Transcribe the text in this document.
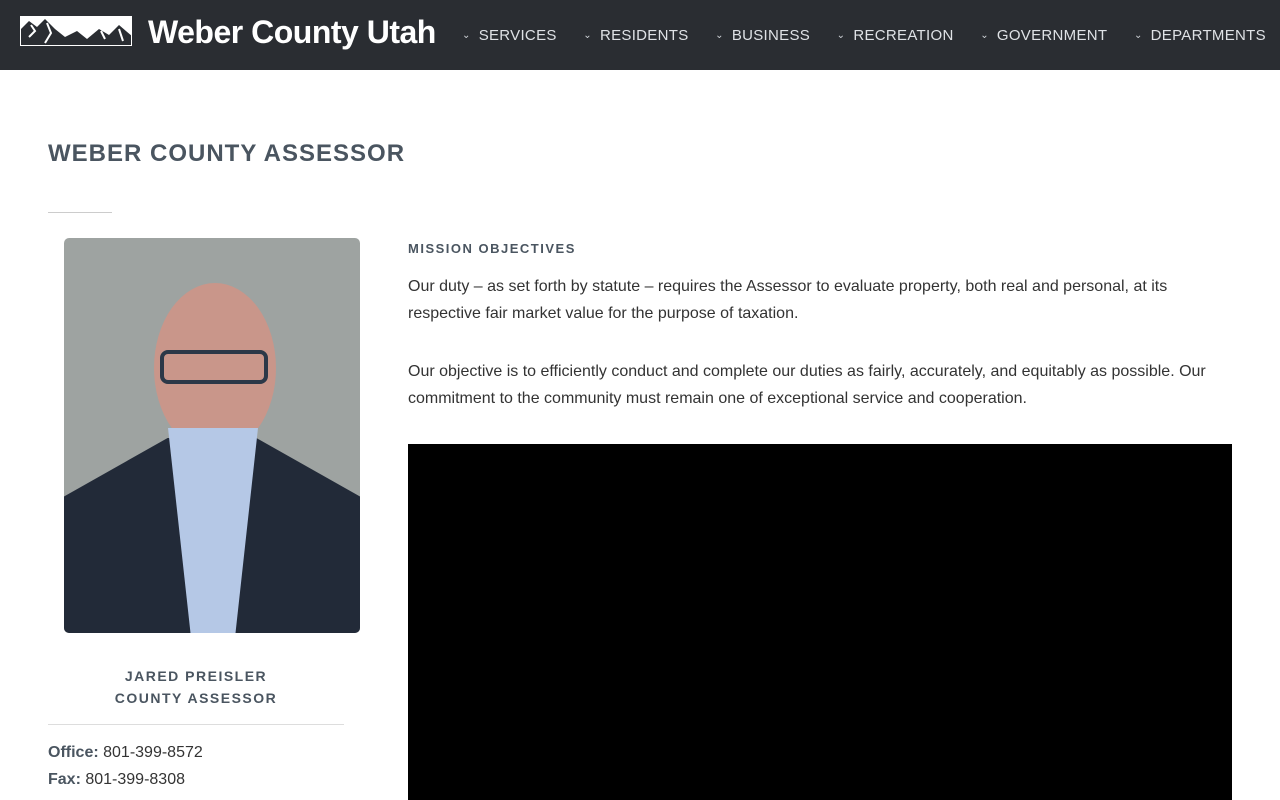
Weber County Utah	⌄ SERVICES	⌄ RESIDENTS	⌄ BUSINESS	⌄ RECREATION	⌄ GOVERNMENT	⌄ DEPARTMENTS
WEBER COUNTY ASSESSOR
JARED PREISLER
COUNTY ASSESSOR
Office: 801-399-8572
Fax: 801-399-8308
MISSION OBJECTIVES

Our duty – as set forth by statute – requires the Assessor to evaluate property, both real and personal, at its respective fair market value for the purpose of taxation.

Our objective is to efficiently conduct and complete our duties as fairly, accurately, and equitably as possible. Our commitment to the community must remain one of exceptional service and cooperation.
